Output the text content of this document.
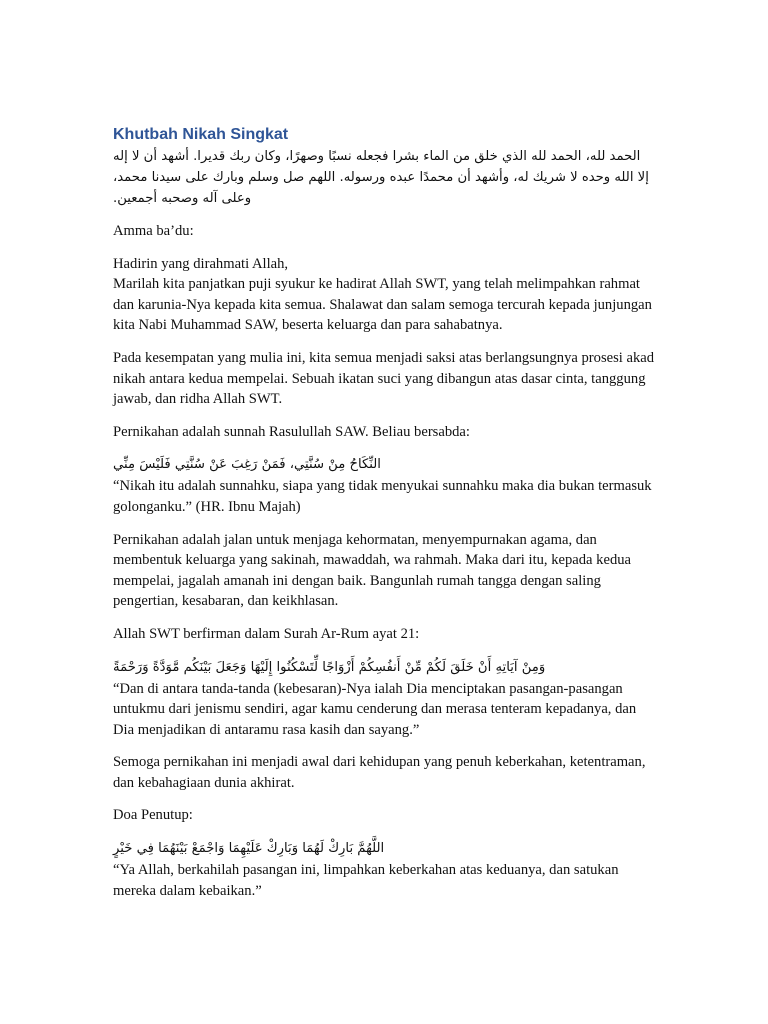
Khutbah Nikah Singkat

الحمد لله، الحمد لله الذي خلق من الماء بشرا فجعله نسبًا وصهرًا، وكان ربك قديرا. أشهد أن لا إله إلا الله وحده لا شريك له، وأشهد أن محمدًا عبده ورسوله. اللهم صل وسلم وبارك على سيدنا محمد، وعلى آله وصحبه أجمعين.

Amma ba’du:

Hadirin yang dirahmati Allah,
Marilah kita panjatkan puji syukur ke hadirat Allah SWT, yang telah melimpahkan rahmat dan karunia-Nya kepada kita semua. Shalawat dan salam semoga tercurah kepada junjungan kita Nabi Muhammad SAW, beserta keluarga dan para sahabatnya.

Pada kesempatan yang mulia ini, kita semua menjadi saksi atas berlangsungnya prosesi akad nikah antara kedua mempelai. Sebuah ikatan suci yang dibangun atas dasar cinta, tanggung jawab, dan ridha Allah SWT.

Pernikahan adalah sunnah Rasulullah SAW. Beliau bersabda:

النِّكَاحُ مِنْ سُنَّتِي، فَمَنْ رَغِبَ عَنْ سُنَّتِي فَلَيْسَ مِنِّي

“Nikah itu adalah sunnahku, siapa yang tidak menyukai sunnahku maka dia bukan termasuk golonganku.” (HR. Ibnu Majah)

Pernikahan adalah jalan untuk menjaga kehormatan, menyempurnakan agama, dan membentuk keluarga yang sakinah, mawaddah, wa rahmah. Maka dari itu, kepada kedua mempelai, jagalah amanah ini dengan baik. Bangunlah rumah tangga dengan saling pengertian, kesabaran, dan keikhlasan.

Allah SWT berfirman dalam Surah Ar-Rum ayat 21:

وَمِنْ آيَاتِهِ أَنْ خَلَقَ لَكُمْ مِّنْ أَنفُسِكُمْ أَزْوَاجًا لِّتَسْكُنُوا إِلَيْهَا وَجَعَلَ بَيْنَكُم مَّوَدَّةً وَرَحْمَةً

“Dan di antara tanda-tanda (kebesaran)-Nya ialah Dia menciptakan pasangan-pasangan untukmu dari jenismu sendiri, agar kamu cenderung dan merasa tenteram kepadanya, dan Dia menjadikan di antaramu rasa kasih dan sayang.”

Semoga pernikahan ini menjadi awal dari kehidupan yang penuh keberkahan, ketentraman, dan kebahagiaan dunia akhirat.

Doa Penutup:

اللَّهُمَّ بَارِكْ لَهُمَا وَبَارِكْ عَلَيْهِمَا وَاجْمَعْ بَيْنَهُمَا فِي خَيْرٍ

“Ya Allah, berkahilah pasangan ini, limpahkan keberkahan atas keduanya, dan satukan mereka dalam kebaikan.”
